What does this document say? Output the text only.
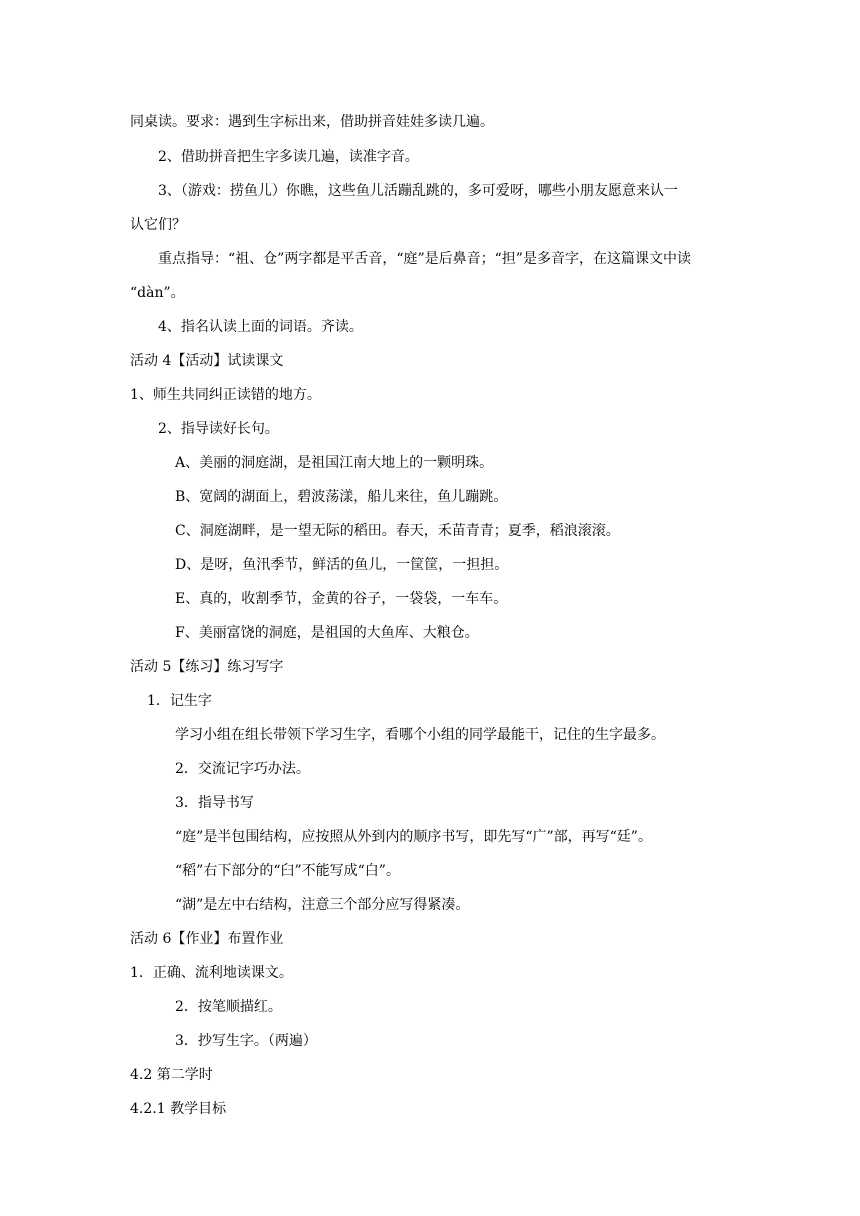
同桌读。要求：遇到生字标出来，借助拼音娃娃多读几遍。
2、借助拼音把生字多读几遍，读准字音。
3、（游戏：捞鱼儿）你瞧，这些鱼儿活蹦乱跳的，多可爱呀，哪些小朋友愿意来认一
认它们？
重点指导：“祖、仓”两字都是平舌音，“庭”是后鼻音；“担”是多音字，在这篇课文中读
“dàn”。
4、指名认读上面的词语。齐读。
活动 4【活动】试读课文
1、师生共同纠正读错的地方。
2、指导读好长句。
A、美丽的洞庭湖，是祖国江南大地上的一颗明珠。
B、宽阔的湖面上，碧波荡漾，船儿来往，鱼儿蹦跳。
C、洞庭湖畔，是一望无际的稻田。春天，禾苗青青；夏季，稻浪滚滚。
D、是呀，鱼汛季节，鲜活的鱼儿，一筐筐，一担担。
E、真的，收割季节，金黄的谷子，一袋袋，一车车。
F、美丽富饶的洞庭，是祖国的大鱼库、大粮仓。
活动 5【练习】练习写字
1．记生字
学习小组在组长带领下学习生字，看哪个小组的同学最能干，记住的生字最多。
2．交流记字巧办法。
3．指导书写
“庭”是半包围结构，应按照从外到内的顺序书写，即先写“广”部，再写“廷”。
“稻”右下部分的“臼”不能写成“白”。
“湖”是左中右结构，注意三个部分应写得紧凑。
活动 6【作业】布置作业
1．正确、流利地读课文。
2．按笔顺描红。
3．抄写生字。（两遍）
4.2 第二学时
4.2.1 教学目标
